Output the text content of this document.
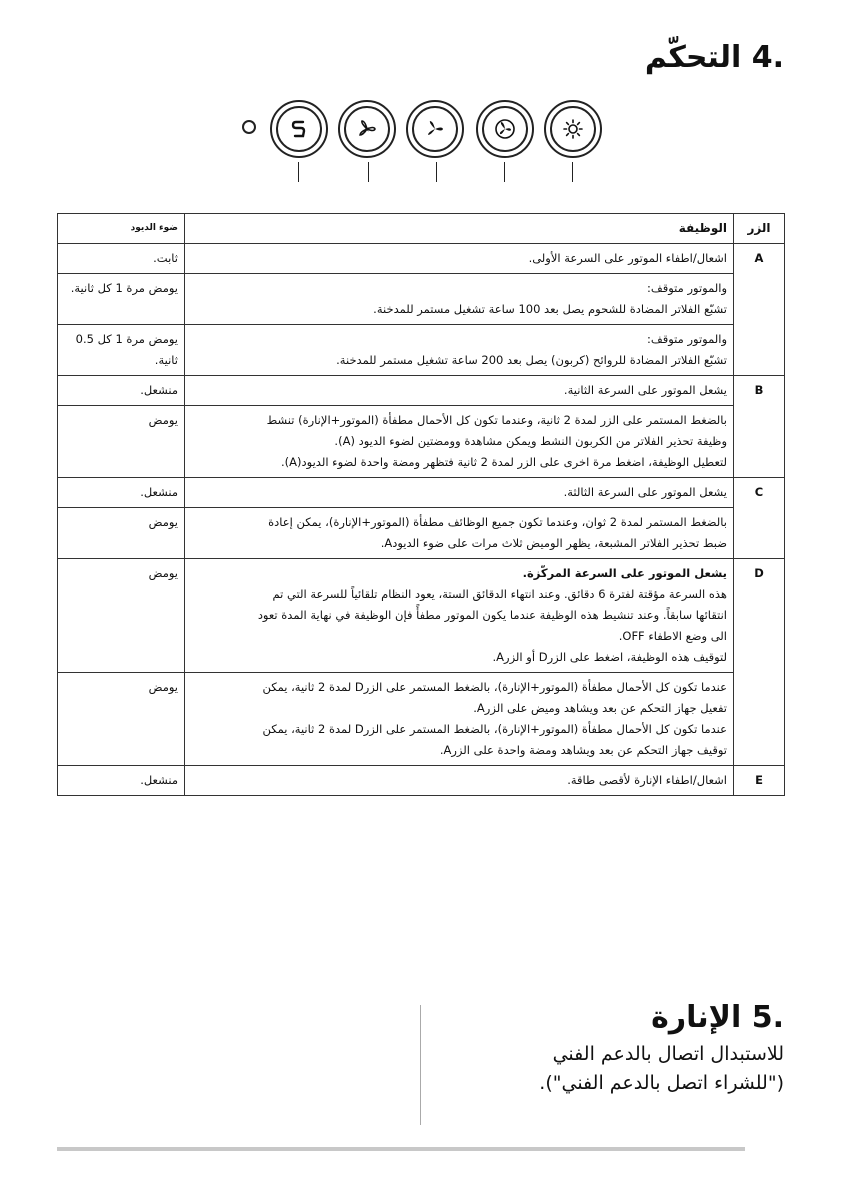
.4 التحكّم
الزر	الوظيفة	ضوء الديود
A	اشعال/اطفاء الموتور على السرعة الأولى.	ثابت.

	والموتور متوقف:
تشبّع الفلاتر المضادة للشحوم يصل بعد 100 ساعة تشغيل مستمر للمدخنة.	يومض مرة 1 كل ثانية.

	والموتور متوقف:
تشبّع الفلاتر المضادة للروائح (كربون) يصل بعد 200 ساعة تشغيل مستمر للمدخنة.	يومض مرة 1 كل 0.5 ثانية.
B	يشعل الموتور على السرعة الثانية.	منشعل.

	بالضغط المستمر على الزر لمدة 2 ثانية، وعندما تكون كل الأحمال مطفأة (الموتور+الإنارة) تنشط
وظيفة تحذير الفلاتر من الكربون النشط ويمكن مشاهدة وومضتين لضوء الديود (A).
لتعطيل الوظيفة، اضغط مرة اخرى على الزر لمدة 2 ثانية فتظهر ومضة واحدة لضوء الديود(A).	يومض
C	يشعل الموتور على السرعة الثالثة.	منشعل.

	بالضغط المستمر لمدة 2 ثوان، وعندما تكون جميع الوظائف مطفأة (الموتور+الإنارة)، يمكن إعادة
ضبط تحذير الفلاتر المشبعة، يظهر الوميض ثلاث مرات على ضوء الديودA.	يومض
D	يشعل الموتور على السرعة المركّزة.
هذه السرعة مؤقتة لفترة 6 دقائق. وعند انتهاء الدقائق الستة، يعود النظام تلقائياً للسرعة التي تم
انتقائها سابقاً. وعند تنشيط هذه الوظيفة عندما يكون الموتور مطفأً فإن الوظيفة في نهاية المدة تعود
الى وضع الاطفاء OFF.
لتوقيف هذه الوظيفة، اضغط على الزرD أو الزرA.	يومض

	عندما تكون كل الأحمال مطفأة (الموتور+الإنارة)، بالضغط المستمر على الزرD لمدة 2 ثانية، يمكن
تفعيل جهاز التحكم عن بعد ويشاهد وميض على الزرA.
عندما تكون كل الأحمال مطفأة (الموتور+الإنارة)، بالضغط المستمر على الزرD لمدة 2 ثانية، يمكن
توقيف جهاز التحكم عن بعد ويشاهد ومضة واحدة على الزرA.	يومض
E	اشعال/اطفاء الإنارة لأقصى طاقة.	منشعل.
.5 الإنارة
للاستبدال اتصال بالدعم الفني
("للشراء اتصل بالدعم الفني").
